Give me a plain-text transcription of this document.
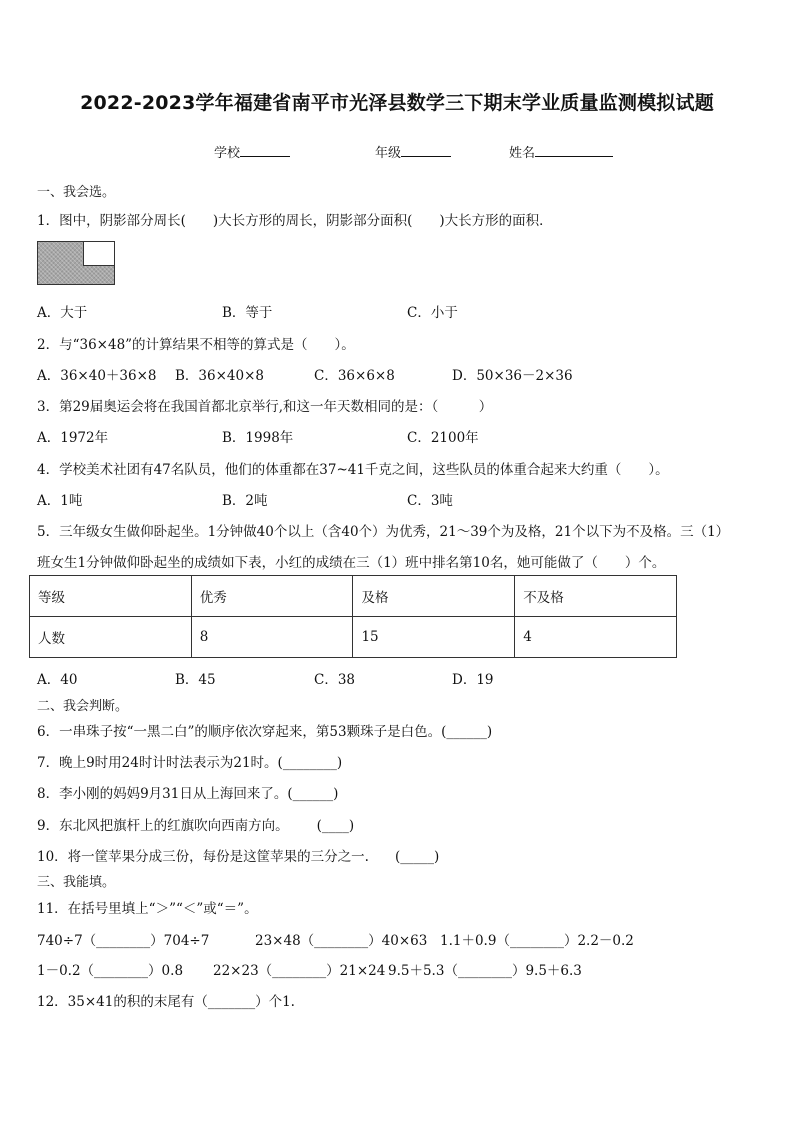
2022-2023学年福建省南平市光泽县数学三下期末学业质量监测模拟试题
学校	年级	姓名
一、我会选。
1．图中，阴影部分周长(　　)大长方形的周长，阴影部分面积(　　)大长方形的面积．
A．大于	B．等于	C．小于
2．与“36×48”的计算结果不相等的算式是（　　）。
A．36×40＋36×8 B．36×40×8	C．36×6×8	D．50×36－2×36
3．第29届奥运会将在我国首都北京举行,和这一年天数相同的是：（　　　）
A．1972年	B．1998年	C．2100年
4．学校美术社团有47名队员，他们的体重都在37~41千克之间，这些队员的体重合起来大约重（　　）。
A．1吨	B．2吨	C．3吨
5．三年级女生做仰卧起坐。1分钟做40个以上（含40个）为优秀，21～39个为及格，21个以下为不及格。三（1）
班女生1分钟做仰卧起坐的成绩如下表，小红的成绩在三（1）班中排名第10名，她可能做了（　　）个。
等级	优秀	及格	不及格
人数	8	15	4
A．40	B．45	C．38	D．19
二、我会判断。
6．一串珠子按“一黑二白”的顺序依次穿起来，第53颗珠子是白色。(______)
7．晚上9时用24时计时法表示为21时。(________)
8．李小刚的妈妈9月31日从上海回来了。(______)
9．东北风把旗杆上的红旗吹向西南方向。 (____)
10．将一筐苹果分成三份，每份是这筐苹果的三分之一. (_____)
三、我能填。
11．在括号里填上“＞”“＜”或“＝”。
740÷7（________）704÷7	23×48（________）40×63 1.1＋0.9（________）2.2－0.2
1－0.2（________）0.8 22×23（________）21×24 9.5＋5.3（________）9.5＋6.3
12．35×41的积的末尾有（_______）个1.
